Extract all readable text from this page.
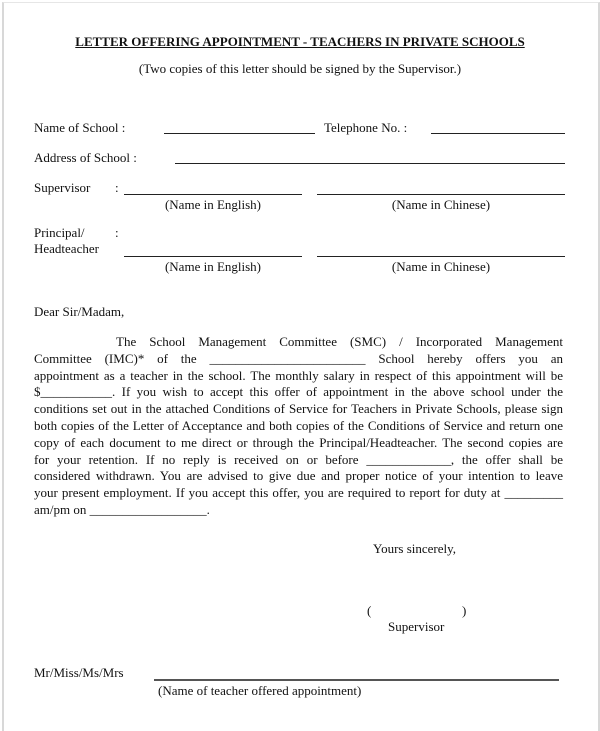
LETTER OFFERING APPOINTMENT - TEACHERS IN PRIVATE SCHOOLS
(Two copies of this letter should be signed by the Supervisor.)
Name of School :	Telephone No. :
Address of School :
Supervisor :
(Name in English)	(Name in Chinese)
Principal/ :
Headteacher
(Name in English)	(Name in Chinese)
Dear Sir/Madam,
The School Management Committee (SMC) / Incorporated Management
Committee (IMC)* of the ________________________ School hereby offers you an
appointment as a teacher in the school. The monthly salary in respect of this appointment will be
$___________. If you wish to accept this offer of appointment in the above school under the
conditions set out in the attached Conditions of Service for Teachers in Private Schools, please sign
both copies of the Letter of Acceptance and both copies of the Conditions of Service and return one
copy of each document to me direct or through the Principal/Headteacher. The second copies are
for your retention. If no reply is received on or before _____________, the offer shall be
considered withdrawn. You are advised to give due and proper notice of your intention to leave
your present employment. If you accept this offer, you are required to report for duty at _________
am/pm on __________________.
Yours sincerely,
(	)
Supervisor
Mr/Miss/Ms/Mrs
(Name of teacher offered appointment)
